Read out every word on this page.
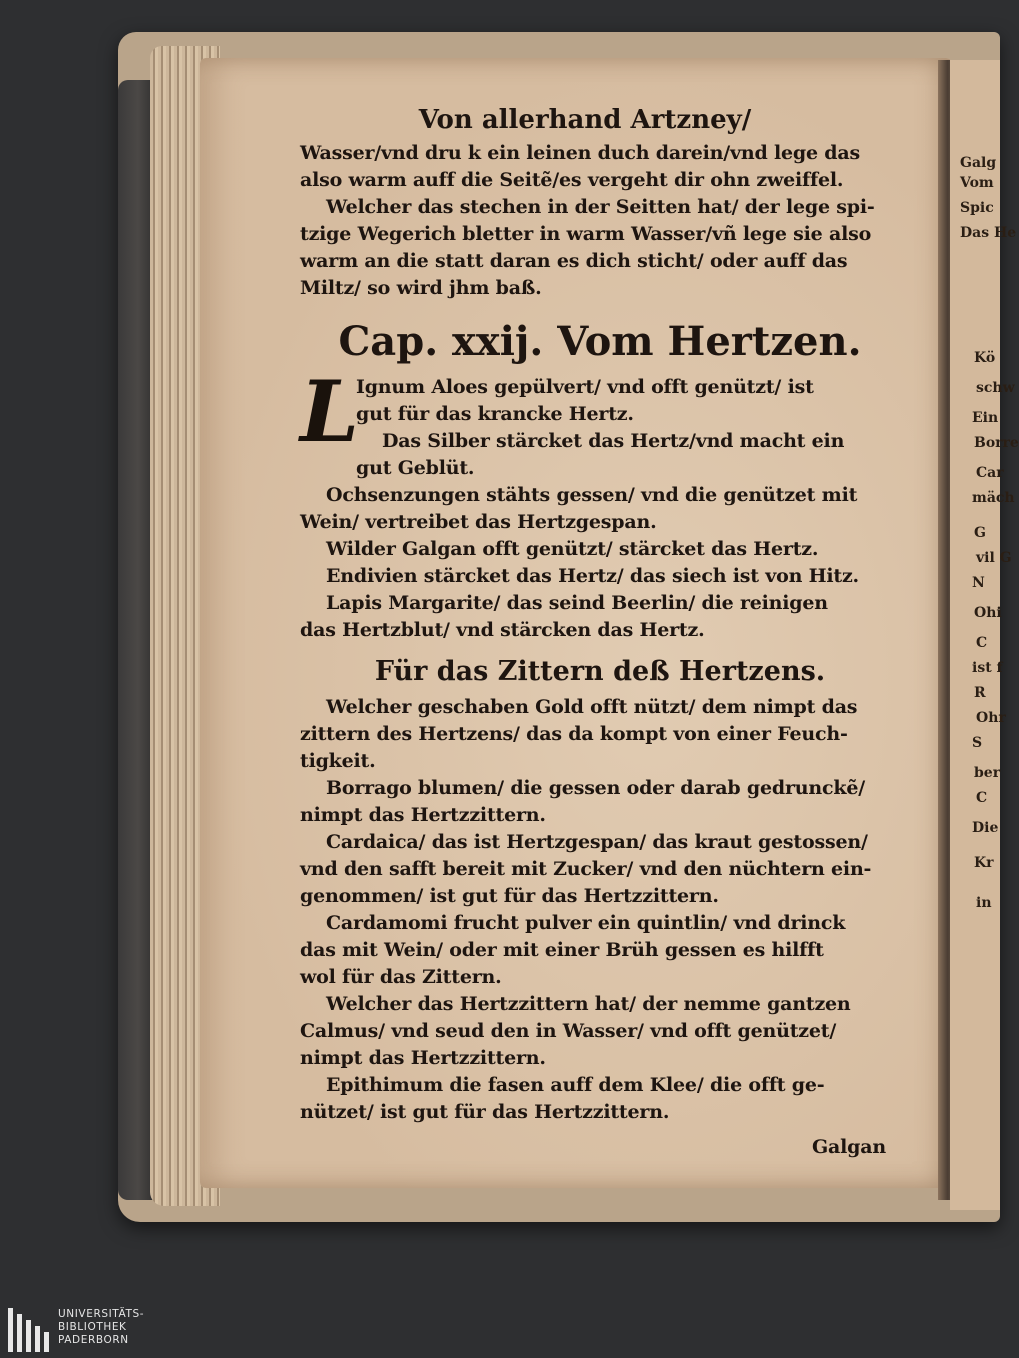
Galg
Vom
Spic
Das He
Kö
schw
Ein
Borre
Car
mäch
G
vil G
N
Ohi
C
ist f
R
Ohr
S
ber
C
Die
Kr
in
Von allerhand Artzney/
Wasser/vnd dru k ein leinen duch darein/vnd lege das
also warm auff die Seitẽ/es vergeht dir ohn zweiffel.
Welcher das stechen in der Seitten hat/ der lege spi-
tzige Wegerich bletter in warm Wasser/vñ lege sie also
warm an die statt daran es dich sticht/ oder auff das
Miltz/ so wird jhm baß.
Cap. xxij. Vom Hertzen.
L
Ignum Aloes gepülvert/ vnd offt genützt/ ist
gut für das krancke Hertz.
Das Silber stärcket das Hertz/vnd macht ein
gut Geblüt.
Ochsenzungen stähts gessen/ vnd die genützet mit
Wein/ vertreibet das Hertzgespan.
Wilder Galgan offt genützt/ stärcket das Hertz.
Endivien stärcket das Hertz/ das siech ist von Hitz.
Lapis Margarite/ das seind Beerlin/ die reinigen
das Hertzblut/ vnd stärcken das Hertz.
Für das Zittern deß Hertzens.
Welcher geschaben Gold offt nützt/ dem nimpt das
zittern des Hertzens/ das da kompt von einer Feuch-
tigkeit.
Borrago blumen/ die gessen oder darab gedrunckẽ/
nimpt das Hertzzittern.
Cardaica/ das ist Hertzgespan/ das kraut gestossen/
vnd den safft bereit mit Zucker/ vnd den nüchtern ein-
genommen/ ist gut für das Hertzzittern.
Cardamomi frucht pulver ein quintlin/ vnd drinck
das mit Wein/ oder mit einer Brüh gessen es hilfft
wol für das Zittern.
Welcher das Hertzzittern hat/ der nemme gantzen
Calmus/ vnd seud den in Wasser/ vnd offt genützet/
nimpt das Hertzzittern.
Epithimum die fasen auff dem Klee/ die offt ge-
nützet/ ist gut für das Hertzzittern.
Galgan
UNIVERSITÄTS-
BIBLIOTHEK
PADERBORN
